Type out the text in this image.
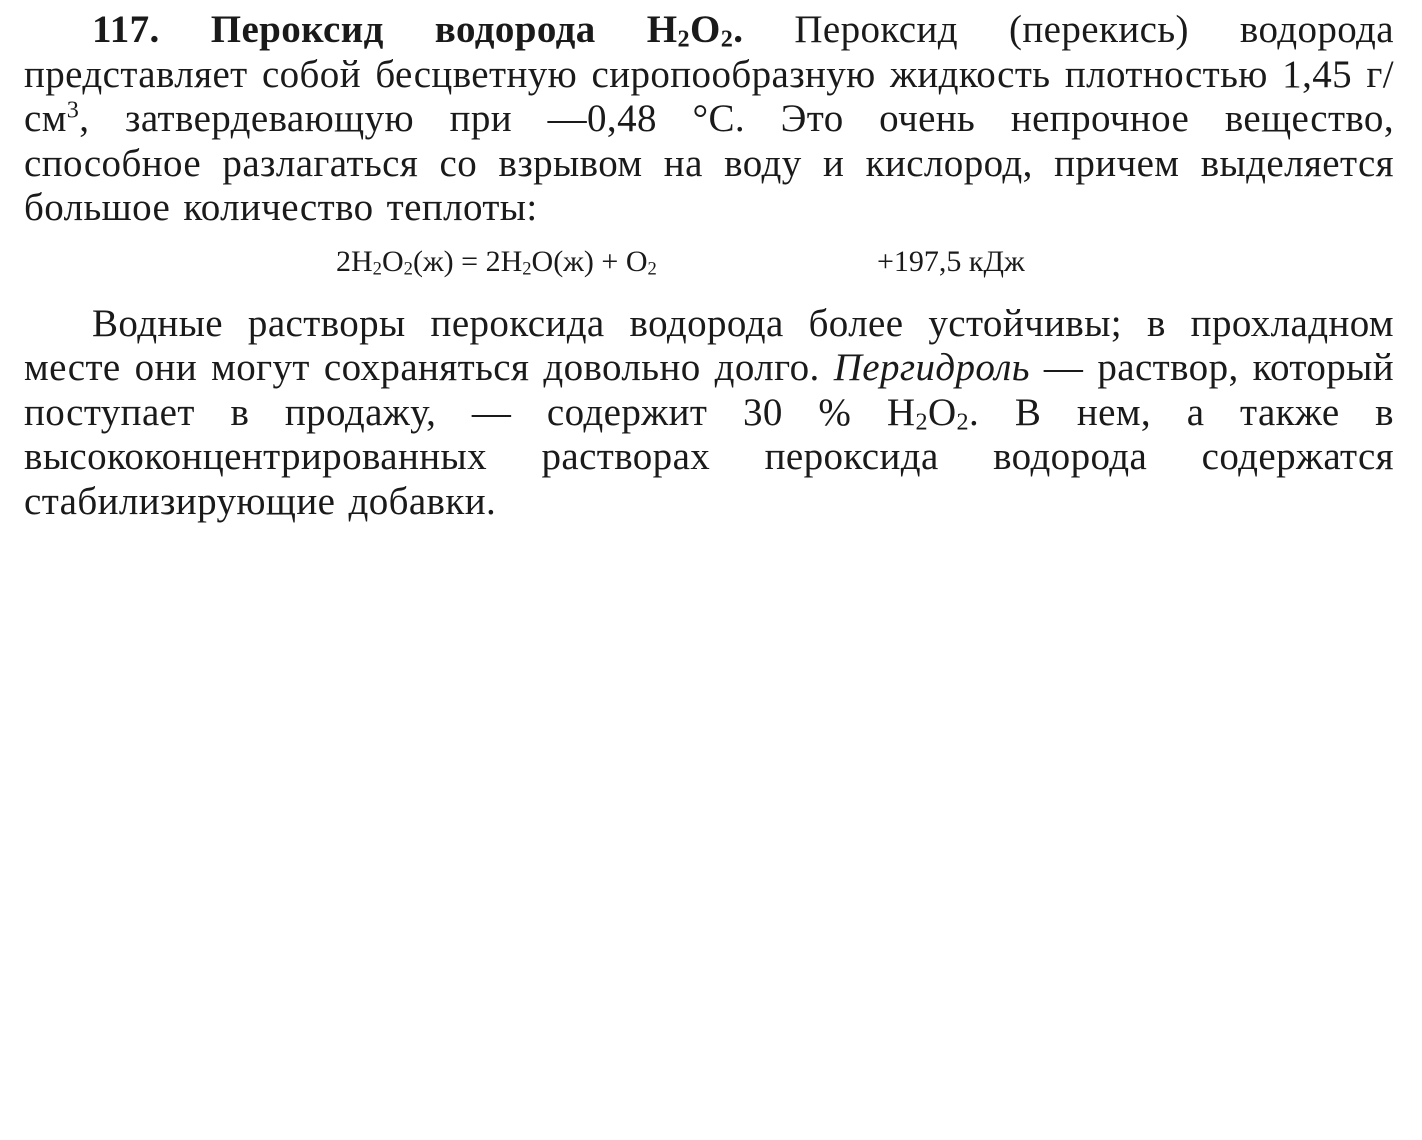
117. Пероксид водорода $H_2O_2$. Пероксид (перекись) водорода представляет собой бесцветную сиропообразную жидкость плотностью 1,45 $г/см^3$, затвердевающую при —0,48 °С. Это очень непрочное вещество, способное разлагаться со взрывом на воду и кислород, причем выделяется большое количество теплоты:

$2H_2O_2(ж) = 2H_2O(ж) + O_2$	+197,5 кДж

Водные растворы пероксида водорода более устойчивы; в прохладном месте они могут сохраняться довольно долго. Пергидроль — раствор, который поступает в продажу, — содержит 30 % $H_2O_2$. В нем, а также в высококонцентрированных растворах пероксида водорода содержатся стабилизирующие добавки.
